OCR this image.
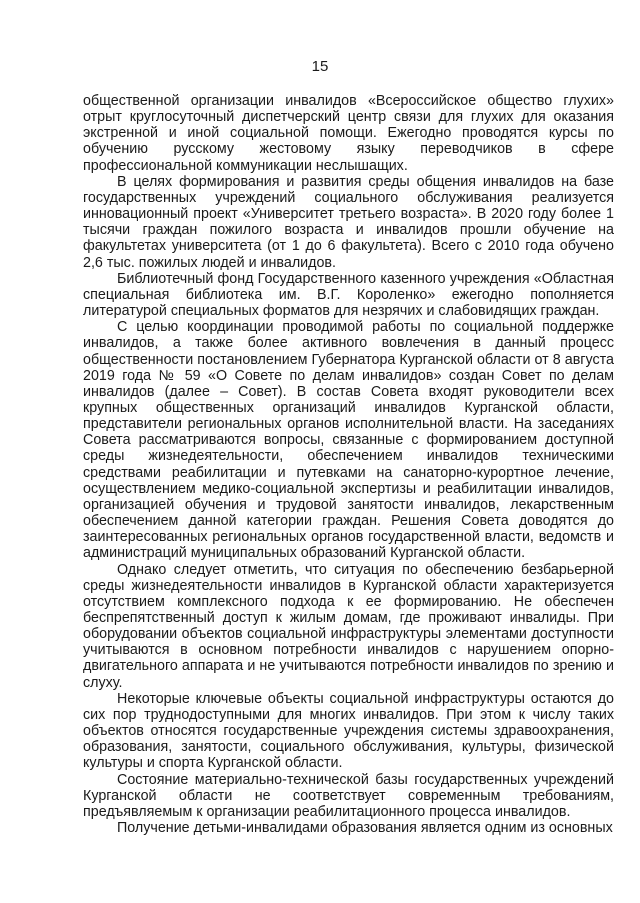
15

общественной организации инвалидов «Всероссийское общество глухих» отрыт круглосуточный диспетчерский центр связи для глухих для оказания экстренной и иной социальной помощи. Ежегодно проводятся курсы по обучению русскому жестовому языку переводчиков в сфере профессиональной коммуникации неслышащих.

В целях формирования и развития среды общения инвалидов на базе государственных учреждений социального обслуживания реализуется инновационный проект «Университет третьего возраста». В 2020 году более 1 тысячи граждан пожилого возраста и инвалидов прошли обучение на факультетах университета (от 1 до 6 факультета). Всего с 2010 года обучено 2,6 тыс. пожилых людей и инвалидов.

Библиотечный фонд Государственного казенного учреждения «Областная специальная библиотека им. В.Г. Короленко» ежегодно пополняется литературой специальных форматов для незрячих и слабовидящих граждан.

С целью координации проводимой работы по социальной поддержке инвалидов, а также более активного вовлечения в данный процесс общественности постановлением Губернатора Курганской области от 8 августа 2019 года № 59 «О Совете по делам инвалидов» создан Совет по делам инвалидов (далее – Совет). В состав Совета входят руководители всех крупных общественных организаций инвалидов Курганской области, представители региональных органов исполнительной власти. На заседаниях Совета рассматриваются вопросы, связанные с формированием доступной среды жизнедеятельности, обеспечением инвалидов техническими средствами реабилитации и путевками на санаторно-курортное лечение, осуществлением медико-социальной экспертизы и реабилитации инвалидов, организацией обучения и трудовой занятости инвалидов, лекарственным обеспечением данной категории граждан. Решения Совета доводятся до заинтересованных региональных органов государственной власти, ведомств и администраций муниципальных образований Курганской области.

Однако следует отметить, что ситуация по обеспечению безбарьерной среды жизнедеятельности инвалидов в Курганской области характеризуется отсутствием комплексного подхода к ее формированию. Не обеспечен беспрепятственный доступ к жилым домам, где проживают инвалиды. При оборудовании объектов социальной инфраструктуры элементами доступности учитываются в основном потребности инвалидов с нарушением опорно-двигательного аппарата и не учитываются потребности инвалидов по зрению и слуху.

Некоторые ключевые объекты социальной инфраструктуры остаются до сих пор труднодоступными для многих инвалидов. При этом к числу таких объектов относятся государственные учреждения системы здравоохранения, образования, занятости, социального обслуживания, культуры, физической культуры и спорта Курганской области.

Состояние материально-технической базы государственных учреждений Курганской области не соответствует современным требованиям, предъявляемым к организации реабилитационного процесса инвалидов.

Получение детьми-инвалидами образования является одним из основных
